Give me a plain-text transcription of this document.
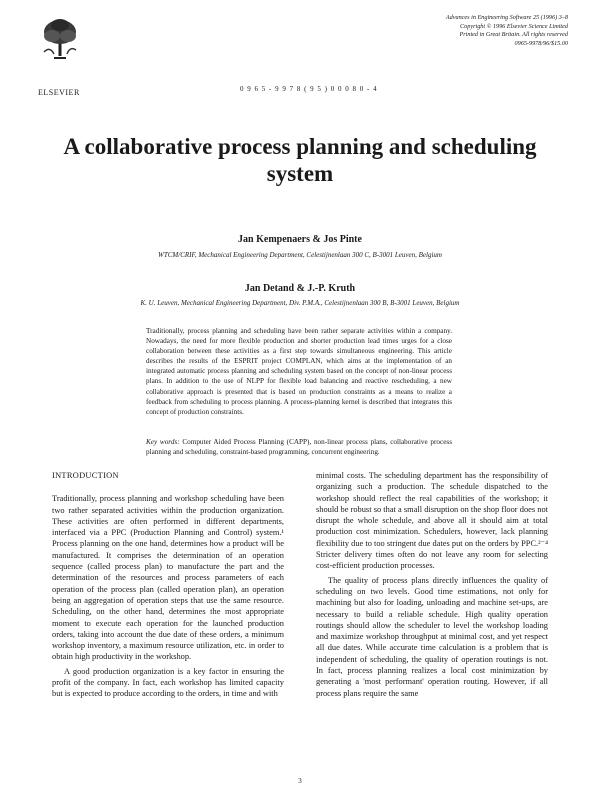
ELSEVIER	0 9 6 5 - 9 9 7 8 ( 9 5 ) 0 0 0 8 0 - 4
Advances in Engineering Software 25 (1996) 3–8
Copyright © 1996 Elsevier Science Limited
Printed in Great Britain. All rights reserved
0965-9978/96/$15.00
A collaborative process planning and scheduling system
Jan Kempenaers & Jos Pinte
WTCM/CRIF, Mechanical Engineering Department, Celestijnenlaan 300 C, B-3001 Leuven, Belgium
Jan Detand & J.-P. Kruth
K. U. Leuven, Mechanical Engineering Department, Div. P.M.A., Celestijnenlaan 300 B, B-3001 Leuven, Belgium
Traditionally, process planning and scheduling have been rather separate activities within a company. Nowadays, the need for more flexible production and shorter production lead times urges for a close collaboration between these activities as a first step towards simultaneous engineering. This article describes the results of the ESPRIT project COMPLAN, which aims at the implementation of an integrated automatic process planning and scheduling system based on the concept of non-linear process plans. In addition to the use of NLPP for flexible load balancing and reactive rescheduling, a new collaborative approach is presented that is based on production constraints as a means to realize a feedback from scheduling to process planning. A process-planning kernel is described that integrates this concept of production constraints.
Key words: Computer Aided Process Planning (CAPP), non-linear process plans, collaborative process planning and scheduling, constraint-based programming, concurrent engineering.
INTRODUCTION

Traditionally, process planning and workshop scheduling have been two rather separated activities within the production organization. These activities are often performed in different departments, interfaced via a PPC (Production Planning and Control) system.¹ Process planning on the one hand, determines how a product will be manufactured. It comprises the determination of an operation sequence (called process plan) to manufacture the part and the determination of the resources and process parameters of each operation of the process plan (called operation plan), an operation being an aggregation of operation steps that use the same resource. Scheduling, on the other hand, determines the most appropriate moment to execute each operation for the launched production orders, taking into account the due date of these orders, a minimum workshop inventory, a maximum resource utilization, etc. in order to obtain high productivity in the workshop.

A good production organization is a key factor in ensuring the profit of the company. In fact, each workshop has limited capacity but is expected to produce according to the orders, in time and with

minimal costs. The scheduling department has the responsibility of organizing such a production. The schedule dispatched to the workshop should reflect the real capabilities of the workshop; it should be robust so that a small disruption on the shop floor does not disrupt the whole schedule, and above all it should aim at total production cost minimization. Schedulers, however, lack planning flexibility due to too stringent due dates put on the orders by PPC.²⁻⁴ Stricter delivery times often do not leave any room for selecting cost-efficient production processes.

The quality of process plans directly influences the quality of scheduling on two levels. Good time estimations, not only for machining but also for loading, unloading and machine set-ups, are necessary to build a reliable schedule. High quality operation routings should allow the scheduler to level the workshop loading and maximize workshop throughput at minimal cost, and yet respect all due dates. While accurate time calculation is a problem that is independent of scheduling, the quality of operation routings is not. In fact, process planning realizes a local cost minimization by generating a 'most performant' operation routing. However, if all process plans require the same

3
